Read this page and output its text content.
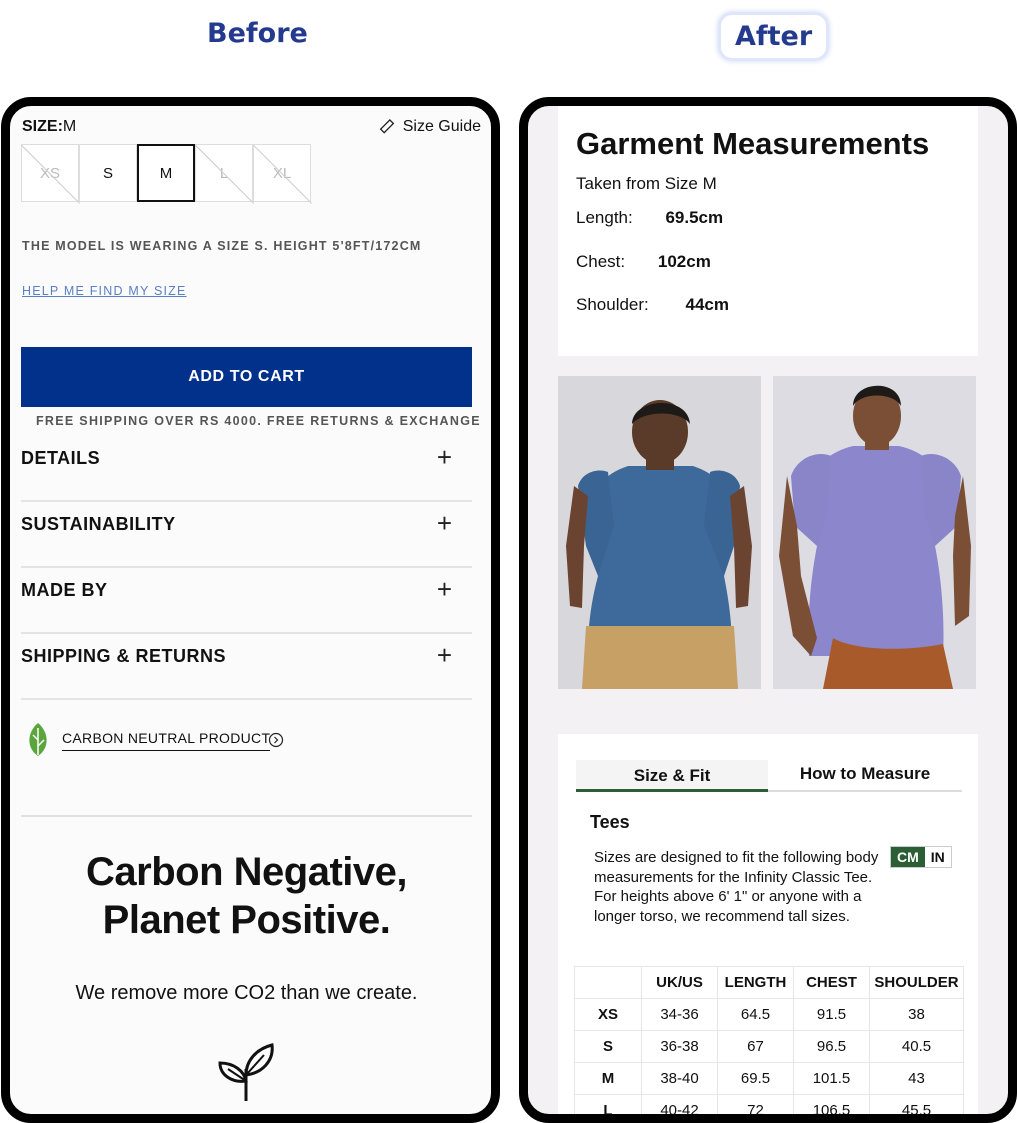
Before	After
SIZE:M	Size Guide
XS	S	M	L	XL
THE MODEL IS WEARING A SIZE S. HEIGHT 5'8FT/172CM
HELP ME FIND MY SIZE
ADD TO CART
FREE SHIPPING OVER RS 4000. FREE RETURNS & EXCHANGE
DETAILS	+
SUSTAINABILITY	+
MADE BY	+
SHIPPING & RETURNS	+
CARBON NEUTRAL PRODUCT
Carbon Negative,
Planet Positive.
We remove more CO2 than we create.
Garment Measurements
Taken from Size M
Length: 69.5cm
Chest: 102cm
Shoulder: 44cm
Size & Fit	How to Measure
Tees
Sizes are designed to fit the following body measurements for the Infinity Classic Tee.
For heights above 6' 1" or anyone with a longer torso, we recommend tall sizes.
CM IN
	UK/US	LENGTH	CHEST	SHOULDER
XS	34-36	64.5	91.5	38
S	36-38	67	96.5	40.5
M	38-40	69.5	101.5	43
L	40-42	72	106.5	45.5
